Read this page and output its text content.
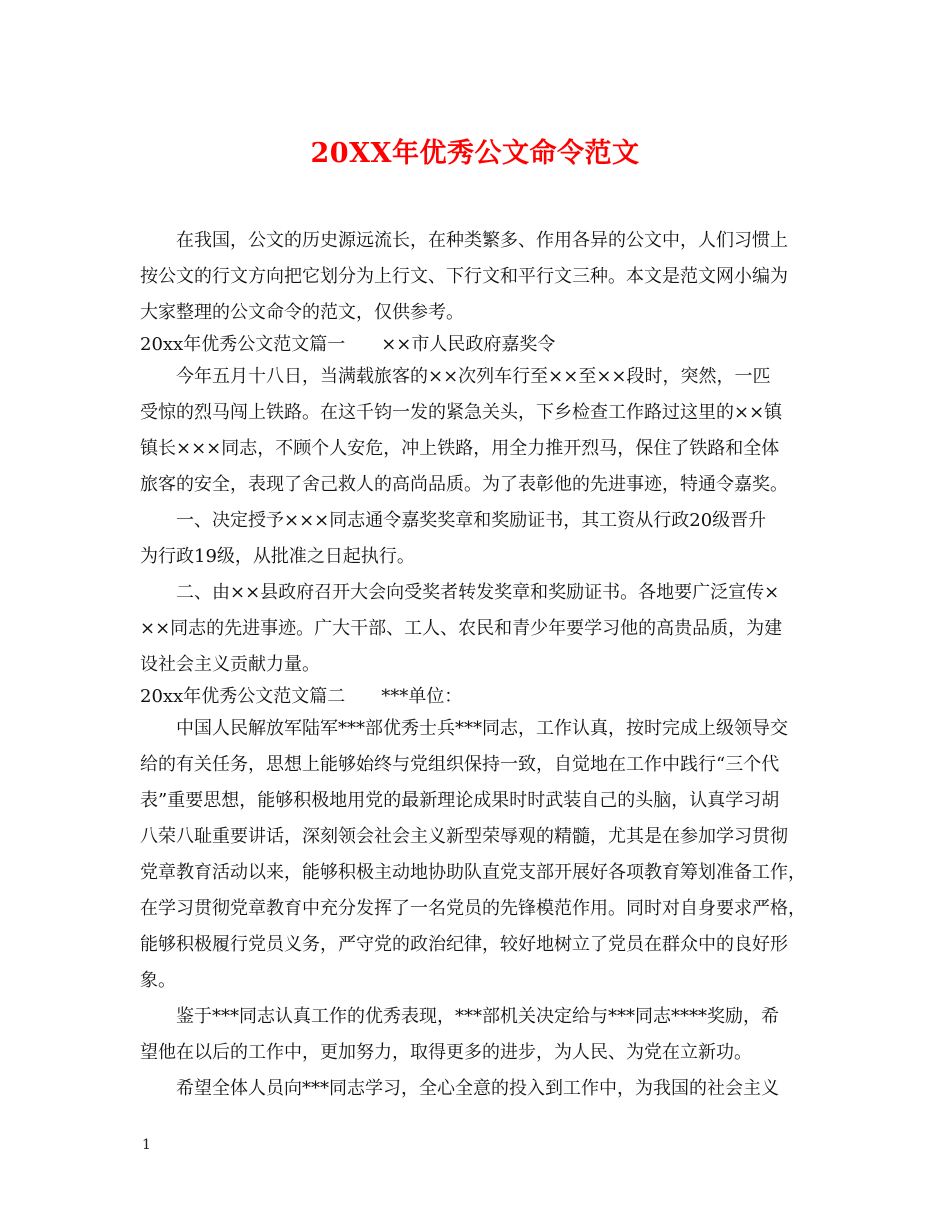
20XX年优秀公文命令范文
在我国，公文的历史源远流长，在种类繁多、作用各异的公文中，人们习惯上
按公文的行文方向把它划分为上行文、下行文和平行文三种。本文是范文网小编为
大家整理的公文命令的范文，仅供参考。
20xx年优秀公文范文篇一　　××市人民政府嘉奖令
今年五月十八日，当满载旅客的××次列车行至××至××段时，突然，一匹
受惊的烈马闯上铁路。在这千钧一发的紧急关头，下乡检查工作路过这里的××镇
镇长×××同志，不顾个人安危，冲上铁路，用全力推开烈马，保住了铁路和全体
旅客的安全，表现了舍己救人的高尚品质。为了表彰他的先进事迹，特通令嘉奖。
一、决定授予×××同志通令嘉奖奖章和奖励证书，其工资从行政20级晋升
为行政19级，从批准之日起执行。
二、由××县政府召开大会向受奖者转发奖章和奖励证书。各地要广泛宣传×
××同志的先进事迹。广大干部、工人、农民和青少年要学习他的高贵品质，为建
设社会主义贡献力量。
20xx年优秀公文范文篇二　　***单位：
中国人民解放军陆军***部优秀士兵***同志，工作认真，按时完成上级领导交
给的有关任务，思想上能够始终与党组织保持一致，自觉地在工作中践行“三个代
表”重要思想，能够积极地用党的最新理论成果时时武装自己的头脑，认真学习胡
八荣八耻重要讲话，深刻领会社会主义新型荣辱观的精髓，尤其是在参加学习贯彻
党章教育活动以来，能够积极主动地协助队直党支部开展好各项教育筹划准备工作，
在学习贯彻党章教育中充分发挥了一名党员的先锋模范作用。同时对自身要求严格，
能够积极履行党员义务，严守党的政治纪律，较好地树立了党员在群众中的良好形
象。
鉴于***同志认真工作的优秀表现，***部机关决定给与***同志****奖励，希
望他在以后的工作中，更加努力，取得更多的进步，为人民、为党在立新功。
希望全体人员向***同志学习，全心全意的投入到工作中，为我国的社会主义
1
